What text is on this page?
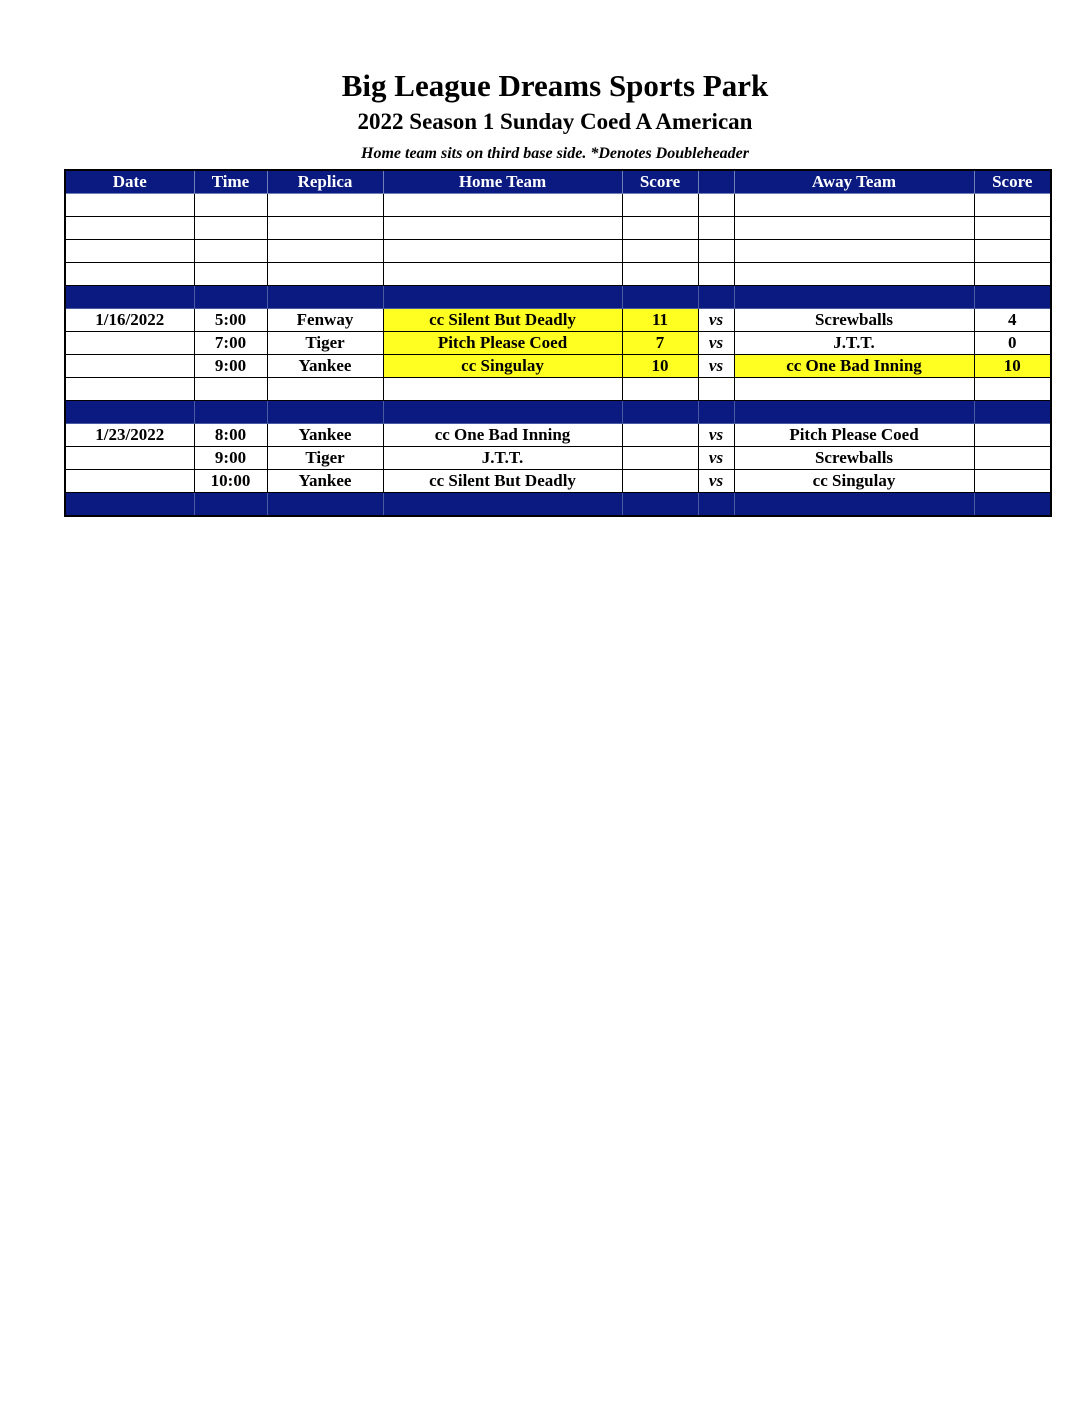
Big League Dreams Sports Park
2022 Season 1 Sunday Coed A American
Home team sits on third base side. *Denotes Doubleheader
Date	Time	Replica	Home Team	Score		Away Team	Score

1/16/2022	5:00	Fenway	cc Silent But Deadly	11	vs	Screwballs	4
	7:00	Tiger	Pitch Please Coed	7	vs	J.T.T.	0
	9:00	Yankee	cc Singulay	10	vs	cc One Bad Inning	10

1/23/2022	8:00	Yankee	cc One Bad Inning		vs	Pitch Please Coed	
	9:00	Tiger	J.T.T.		vs	Screwballs	
	10:00	Yankee	cc Silent But Deadly		vs	cc Singulay	
